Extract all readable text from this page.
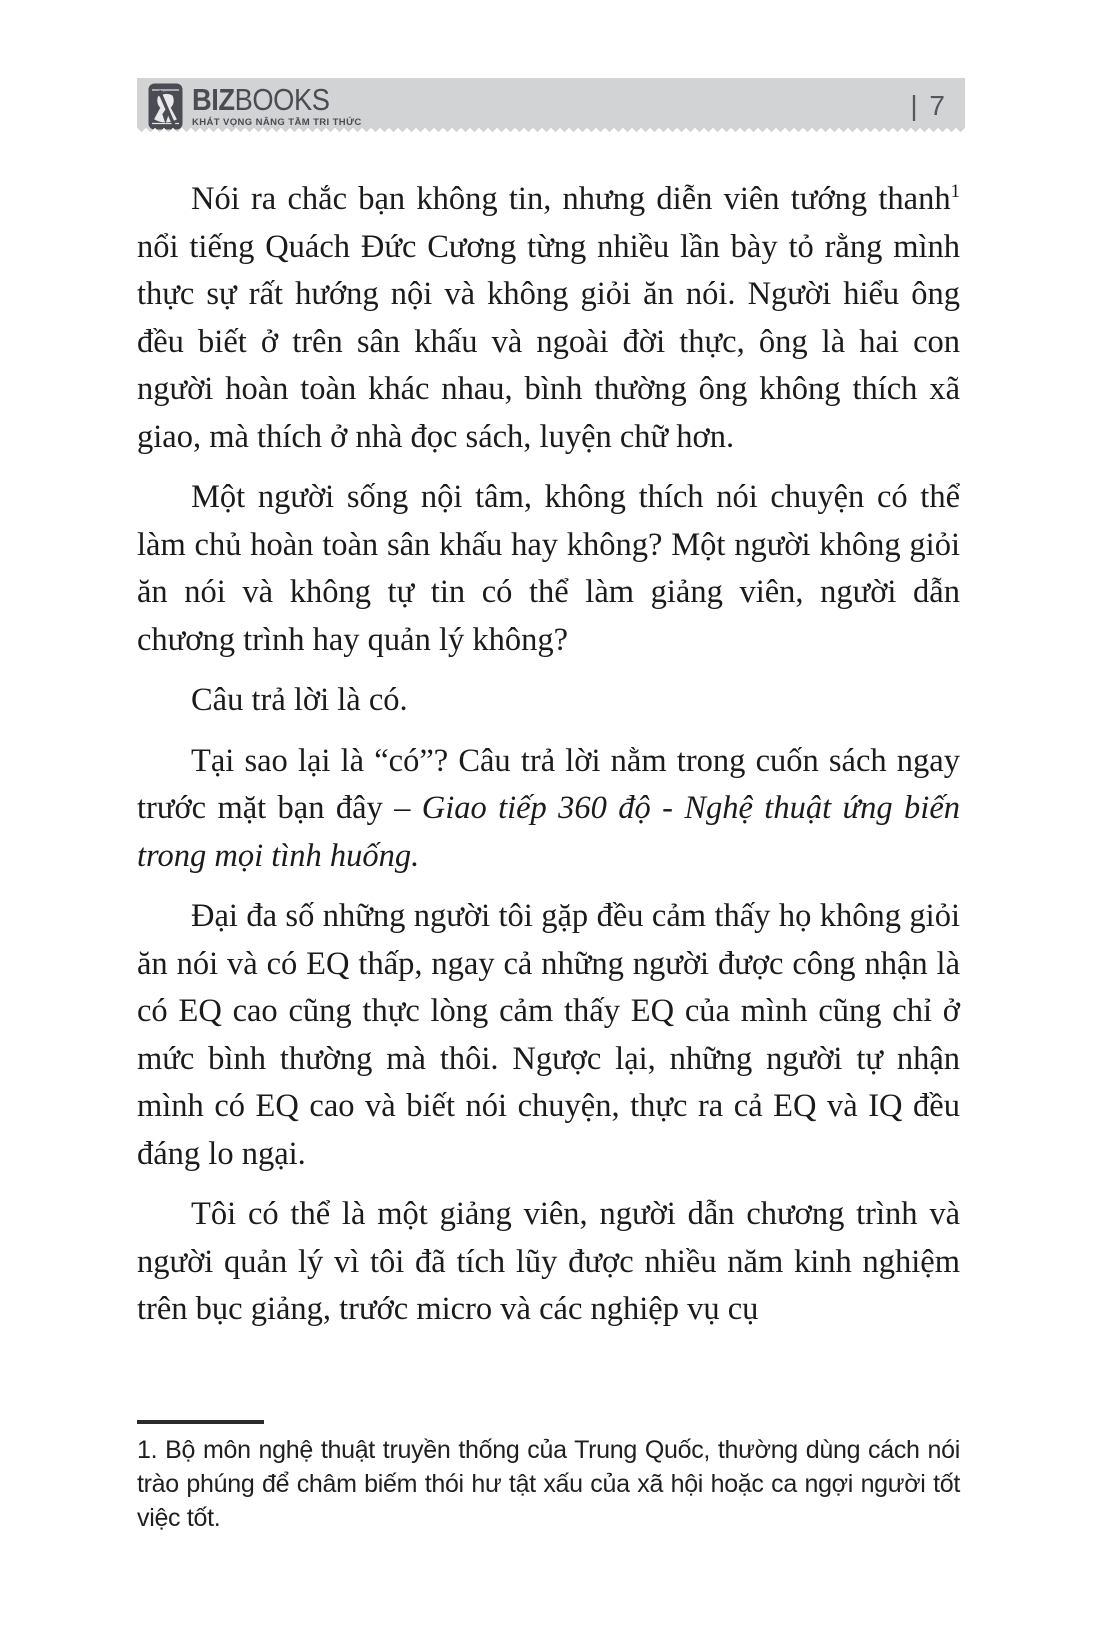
BIZBOOKS
KHÁT VỌNG NÂNG TẦM TRI THỨC
| 7

Nói ra chắc bạn không tin, nhưng diễn viên tướng thanh$^1$ nổi tiếng Quách Đức Cương từng nhiều lần bày tỏ rằng mình thực sự rất hướng nội và không giỏi ăn nói. Người hiểu ông đều biết ở trên sân khấu và ngoài đời thực, ông là hai con người hoàn toàn khác nhau, bình thường ông không thích xã giao, mà thích ở nhà đọc sách, luyện chữ hơn.

Một người sống nội tâm, không thích nói chuyện có thể làm chủ hoàn toàn sân khấu hay không? Một người không giỏi ăn nói và không tự tin có thể làm giảng viên, người dẫn chương trình hay quản lý không?

Câu trả lời là có.

Tại sao lại là “có”? Câu trả lời nằm trong cuốn sách ngay trước mặt bạn đây – Giao tiếp 360 độ - Nghệ thuật ứng biến trong mọi tình huống.

Đại đa số những người tôi gặp đều cảm thấy họ không giỏi ăn nói và có EQ thấp, ngay cả những người được công nhận là có EQ cao cũng thực lòng cảm thấy EQ của mình cũng chỉ ở mức bình thường mà thôi. Ngược lại, những người tự nhận mình có EQ cao và biết nói chuyện, thực ra cả EQ và IQ đều đáng lo ngại.

Tôi có thể là một giảng viên, người dẫn chương trình và người quản lý vì tôi đã tích lũy được nhiều năm kinh nghiệm trên bục giảng, trước micro và các nghiệp vụ cụ

1. Bộ môn nghệ thuật truyền thống của Trung Quốc, thường dùng cách nói trào phúng để châm biếm thói hư tật xấu của xã hội hoặc ca ngợi người tốt việc tốt.
